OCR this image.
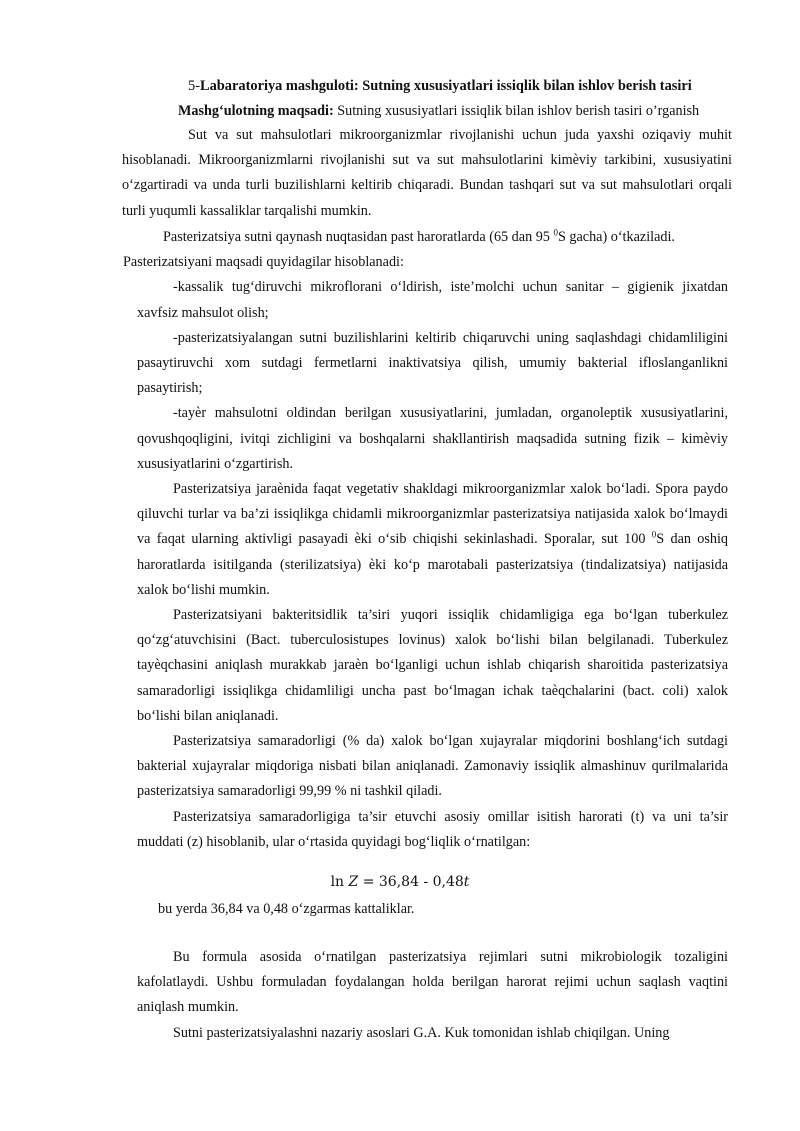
5-Labaratoriya mashguloti: Sutning xususiyatlari issiqlik bilan ishlov berish tasiri
Mashg‘ulotning maqsadi: Sutning xususiyatlari issiqlik bilan ishlov berish tasiri o’rganish

Sut va sut mahsulotlari mikroorganizmlar rivojlanishi uchun juda yaxshi oziqaviy muhit hisoblanadi. Mikroorganizmlarni rivojlanishi sut va sut mahsulotlarini kimѐviy tarkibini, xususiyatini o‘zgartiradi va unda turli buzilishlarni keltirib chiqaradi. Bundan tashqari sut va sut mahsulotlari orqali turli yuqumli kassaliklar tarqalishi mumkin.

Pasterizatsiya sutni qaynash nuqtasidan past haroratlarda (65 dan 95 $^0$S gacha) o‘tkaziladi.

Pasterizatsiyani maqsadi quyidagilar hisoblanadi:

-kassalik tug‘diruvchi mikroflorani o‘ldirish, iste’molchi uchun sanitar – gigienik jixatdan xavfsiz mahsulot olish;

-pasterizatsiyalangan sutni buzilishlarini keltirib chiqaruvchi uning saqlashdagi chidamliligini pasaytiruvchi xom sutdagi fermetlarni inaktivatsiya qilish, umumiy bakterial ifloslanganlikni pasaytirish;

-tayѐr mahsulotni oldindan berilgan xususiyatlarini, jumladan, organoleptik xususiyatlarini, qovushqoqligini, ivitqi zichligini va boshqalarni shakllantirish maqsadida sutning fizik – kimѐviy xususiyatlarini o‘zgartirish.

Pasterizatsiya jaraѐnida faqat vegetativ shakldagi mikroorganizmlar xalok bo‘ladi. Spora paydo qiluvchi turlar va ba’zi issiqlikga chidamli mikroorganizmlar pasterizatsiya natijasida xalok bo‘lmaydi va faqat ularning aktivligi pasayadi ѐki o‘sib chiqishi sekinlashadi. Sporalar, sut 100 $^0$S dan oshiq haroratlarda isitilganda (sterilizatsiya) ѐki ko‘p marotabali pasterizatsiya (tindalizatsiya) natijasida xalok bo‘lishi mumkin.

Pasterizatsiyani bakteritsidlik ta’siri yuqori issiqlik chidamligiga ega bo‘lgan tuberkulez qo‘zg‘atuvchisini (Bact. tuberculosistupes lovinus) xalok bo‘lishi bilan belgilanadi. Tuberkulez tayѐqchasini aniqlash murakkab jaraѐn bo‘lganligi uchun ishlab chiqarish sharoitida pasterizatsiya samaradorligi issiqlikga chidamliligi uncha past bo‘lmagan ichak taѐqchalarini (bact. coli) xalok bo‘lishi bilan aniqlanadi.

Pasterizatsiya samaradorligi (% da) xalok bo‘lgan xujayralar miqdorini boshlang‘ich sutdagi bakterial xujayralar miqdoriga nisbati bilan aniqlanadi. Zamonaviy issiqlik almashinuv qurilmalarida pasterizatsiya samaradorligi 99,99 % ni tashkil qiladi.

Pasterizatsiya samaradorligiga ta’sir etuvchi asosiy omillar isitish harorati (t) va uni ta’sir muddati (z) hisoblanib, ular o‘rtasida quyidagi bog‘liqlik o‘rnatilgan:

ln Z = 36,84 - 0,48t
bu yerda 36,84 va 0,48 o‘zgarmas kattaliklar.

Bu formula asosida o‘rnatilgan pasterizatsiya rejimlari sutni mikrobiologik tozaligini kafolatlaydi. Ushbu formuladan foydalangan holda berilgan harorat rejimi uchun saqlash vaqtini aniqlash mumkin.

Sutni pasterizatsiyalashni nazariy asoslari G.A. Kuk tomonidan ishlab chiqilgan. Uning
